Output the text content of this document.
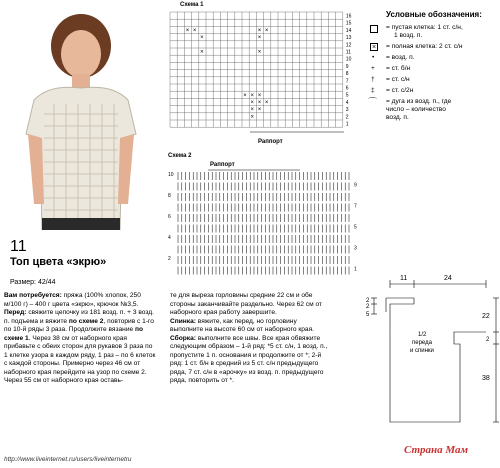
11
Топ цвета «экрю»
Размер: 42/44

Вам потребуется: пряжа (100% хлопок, 250 м/100 г) – 400 г цвета «экрю», крючок №3,5.

Перед: свяжите цепочку из 181 возд. п. + 3 возд. п. подъема и вяжите по схеме 2, повторив с 1-го по 10-й ряды 3 раза. Продолжите вязание по схеме 1. Через 38 см от наборного края прибавьте с обеих сторон для рукавов 3 раза по 1 клетке узора в каждом ряду, 1 раз – по 6 клеток с каждой стороны. Примерно через 46 см от наборного края перейдите на узор по схеме 2. Через 55 см от наборного края оставь-

те для выреза горловины средние 22 см и обе стороны заканчивайте раздельно. Через 62 см от наборного края работу завершите.

Спинка: вяжите, как перед, но горловину выполните на высоте 60 см от наборного края.

Сборка: выполните все швы. Все края обвяжите следующим образом – 1-й ряд: *5 ст. с/н, 1 возд. п., пропустите 1 п. основания и продолжите от *; 2-й ряд: 1 ст. б/н в средний из 5 ст. с/н предыдущего ряда, 7 ст. с/н в «арочку» из возд. п. предыдущего ряда, повторить от *.

Схема 1
× ×
×
× ×
×
×	×
× × ×
× × ×
× ×
×
16
15
14
13
12
11
10
9
8
7
6
5
4
3
2
1
Раппорт
Схема 2
Раппорт
10
9
8
7
6
5
4
3
2
1
Условные обозначения:
= пустая клетка: 1 ст. с/н,
1 возд. п.
× = полная клетка: 2 ст. с/н
• = возд. п.
+ = ст. б/н
† = ст. с/н
‡ = ст. с/2н
⌒ = дуга из возд. п., где
число – количество
возд. п.
11	24
2
2
5	22
2
38
1/2
переда
и спинки
http://www.liveinternet.ru/users/liveinternetru
Страна Мам
